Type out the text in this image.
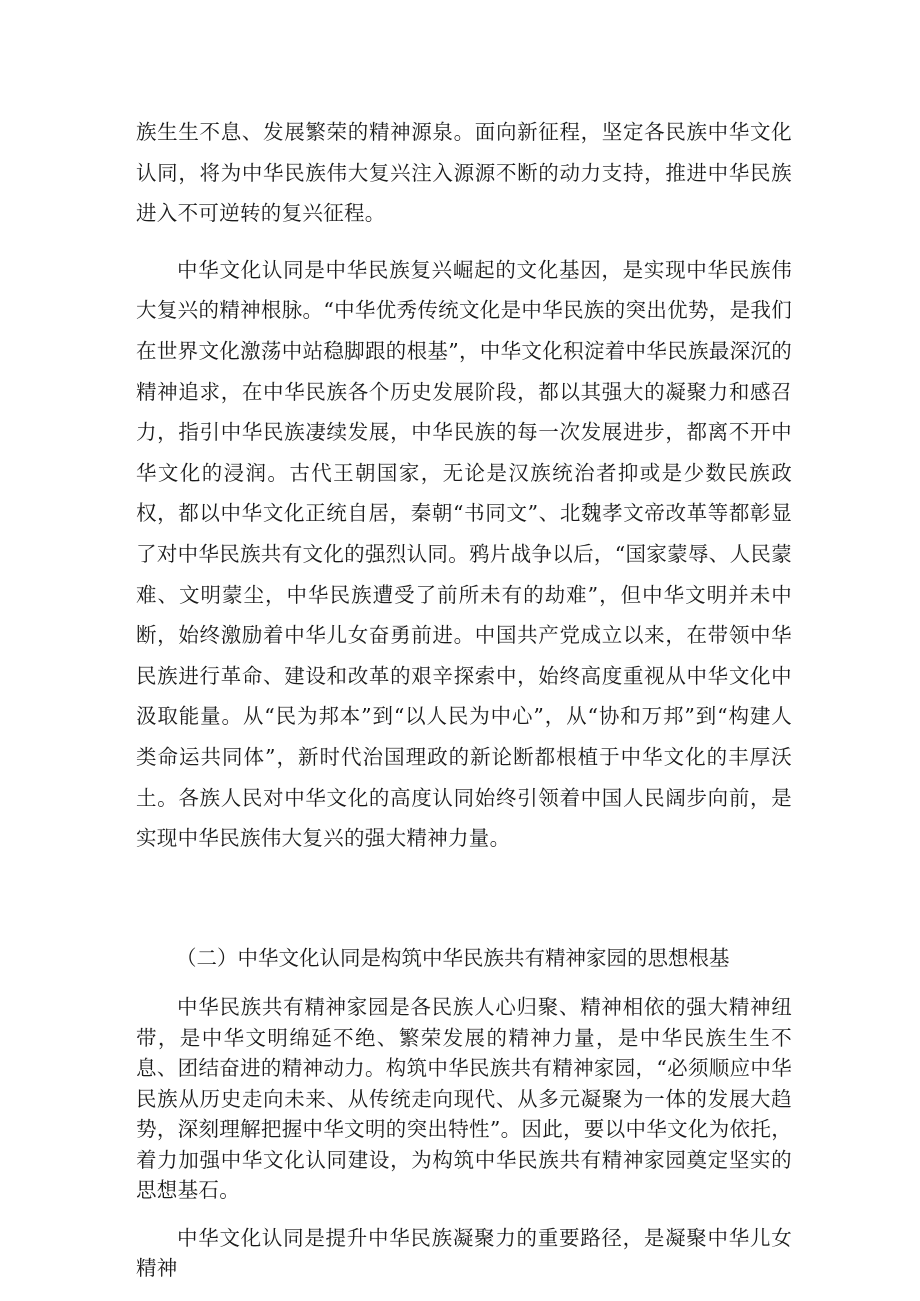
族生生不息、发展繁荣的精神源泉。面向新征程，坚定各民族中华文化认同，将为中华民族伟大复兴注入源源不断的动力支持，推进中华民族进入不可逆转的复兴征程。

中华文化认同是中华民族复兴崛起的文化基因，是实现中华民族伟大复兴的精神根脉。“中华优秀传统文化是中华民族的突出优势，是我们在世界文化激荡中站稳脚跟的根基”，中华文化积淀着中华民族最深沉的精神追求，在中华民族各个历史发展阶段，都以其强大的凝聚力和感召力，指引中华民族凄续发展，中华民族的每一次发展进步，都离不开中华文化的浸润。古代王朝国家，无论是汉族统治者抑或是少数民族政权，都以中华文化正统自居，秦朝“书同文”、北魏孝文帝改革等都彰显了对中华民族共有文化的强烈认同。鸦片战争以后，“国家蒙辱、人民蒙难、文明蒙尘，中华民族遭受了前所未有的劫难”，但中华文明并未中断，始终激励着中华儿女奋勇前进。中国共产党成立以来，在带领中华民族进行革命、建设和改革的艰辛探索中，始终高度重视从中华文化中汲取能量。从“民为邦本”到“以人民为中心”，从“协和万邦”到“构建人类命运共同体”，新时代治国理政的新论断都根植于中华文化的丰厚沃土。各族人民对中华文化的高度认同始终引领着中国人民阔步向前，是实现中华民族伟大复兴的强大精神力量。

（二）中华文化认同是构筑中华民族共有精神家园的思想根基

中华民族共有精神家园是各民族人心归聚、精神相依的强大精神纽带，是中华文明绵延不绝、繁荣发展的精神力量，是中华民族生生不息、团结奋进的精神动力。构筑中华民族共有精神家园，“必须顺应中华民族从历史走向未来、从传统走向现代、从多元凝聚为一体的发展大趋势，深刻理解把握中华文明的突出特性”。因此，要以中华文化为依托，着力加强中华文化认同建设，为构筑中华民族共有精神家园奠定坚实的思想基石。

中华文化认同是提升中华民族凝聚力的重要路径，是凝聚中华儿女精神
